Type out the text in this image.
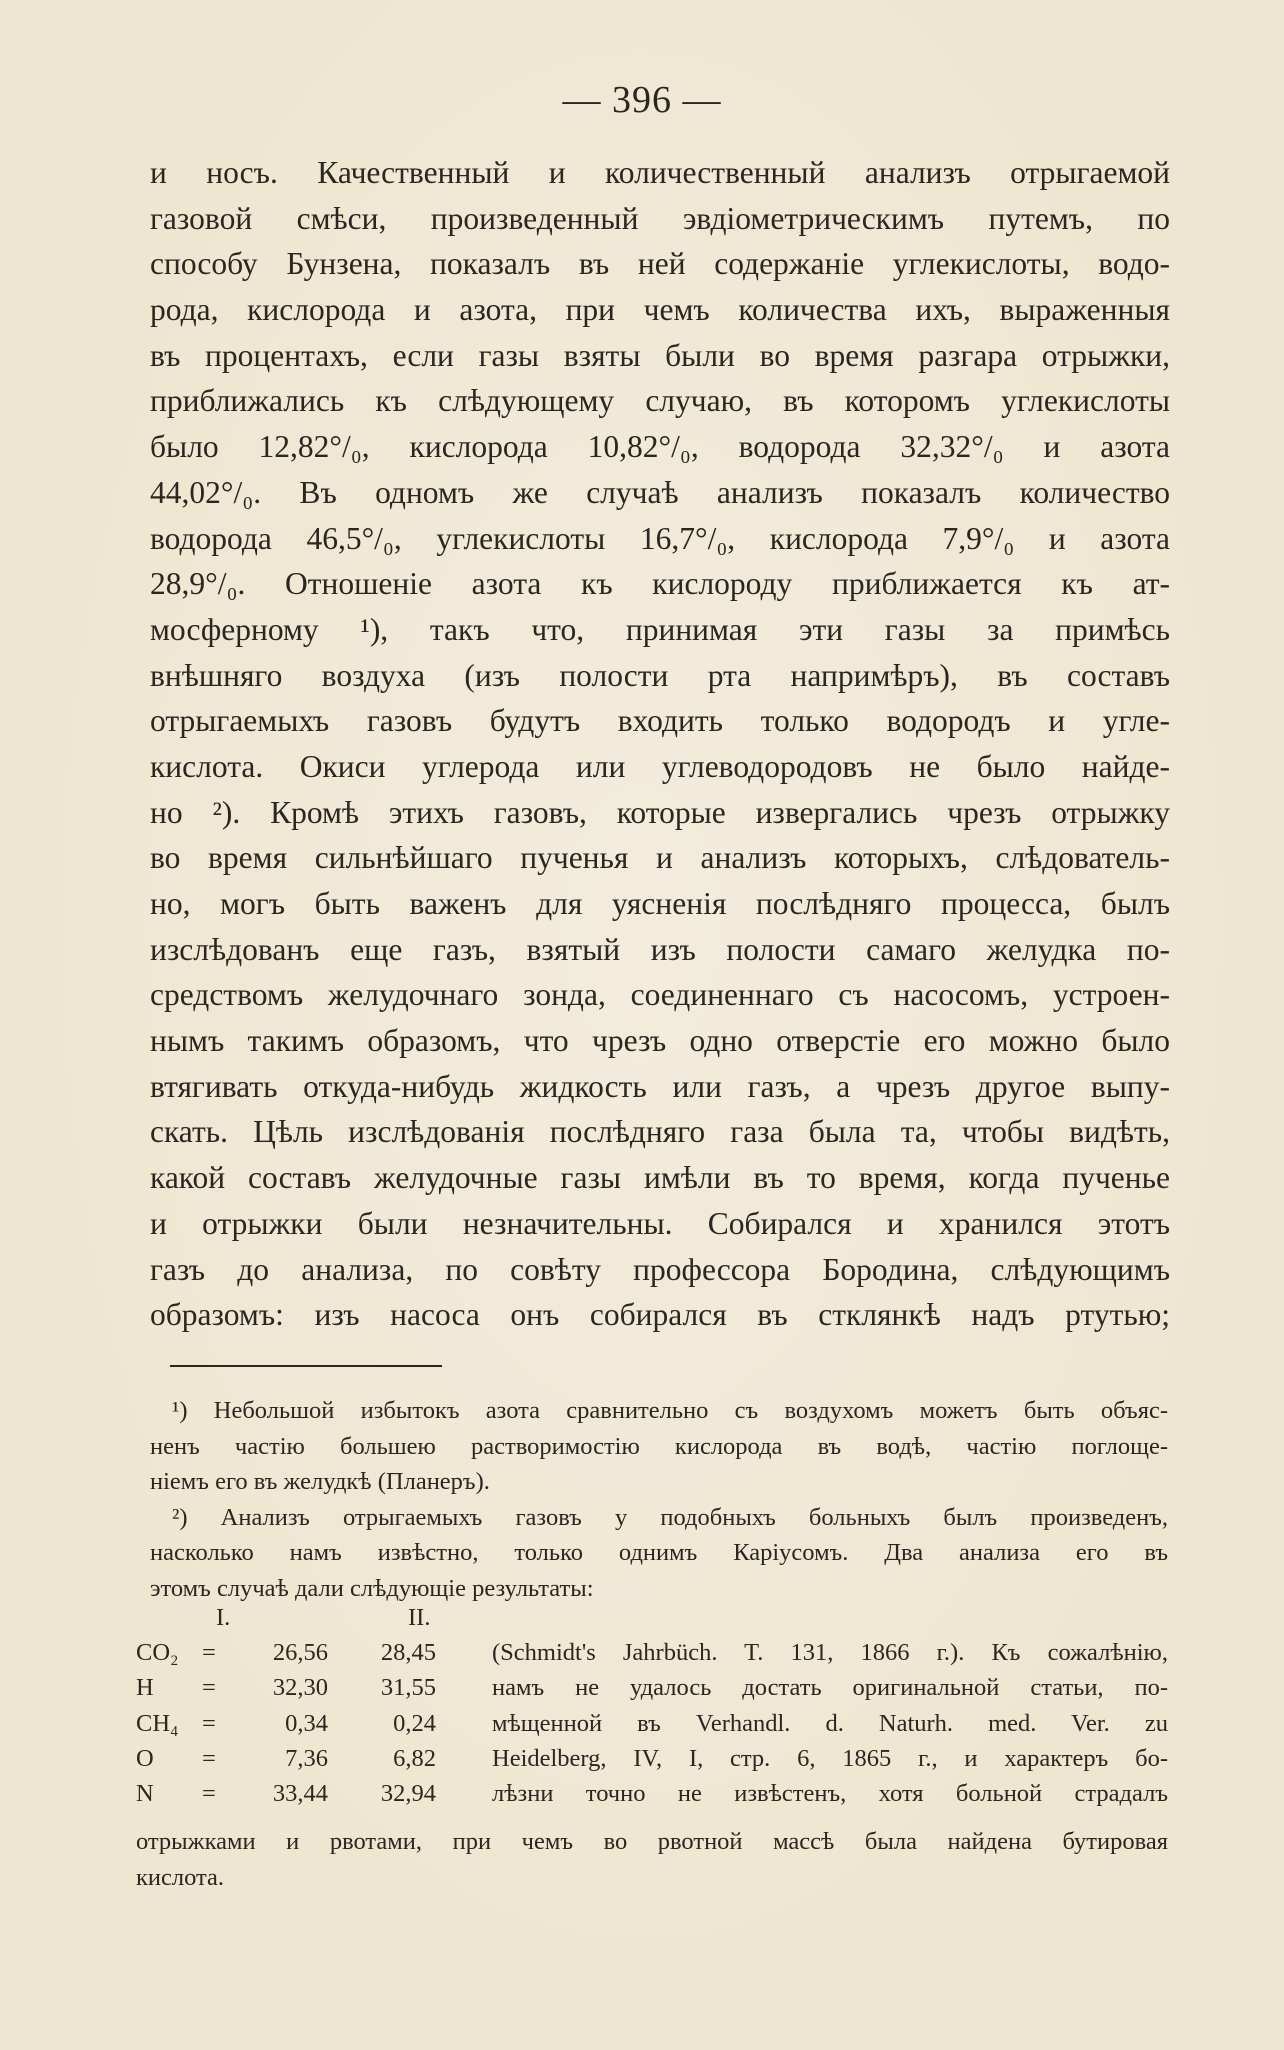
— 396 —
и носъ. Качественный и количественный анализъ отрыгаемой
газовой смѣси, произведенный эвдіометрическимъ путемъ, по
способу Бунзена, показалъ въ ней содержаніе углекислоты, водо-
рода, кислорода и азота, при чемъ количества ихъ, выраженныя
въ процентахъ, если газы взяты были во время разгара отрыжки,
приближались къ слѣдующему случаю, въ которомъ углекислоты
было 12,82°/₀, кислорода 10,82°/₀, водорода 32,32°/₀ и азота
44,02°/₀. Въ одномъ же случаѣ анализъ показалъ количество
водорода 46,5°/₀, углекислоты 16,7°/₀, кислорода 7,9°/₀ и азота
28,9°/₀. Отношеніе азота къ кислороду приближается къ ат-
мосферному ¹), такъ что, принимая эти газы за примѣсь
внѣшняго воздуха (изъ полости рта напримѣръ), въ составъ
отрыгаемыхъ газовъ будутъ входить только водородъ и угле-
кислота. Окиси углерода или углеводородовъ не было найде-
но ²). Кромѣ этихъ газовъ, которые извергались чрезъ отрыжку
во время сильнѣйшаго пученья и анализъ которыхъ, слѣдователь-
но, могъ быть важенъ для уясненія послѣдняго процесса, былъ
изслѣдованъ еще газъ, взятый изъ полости самаго желудка по-
средствомъ желудочнаго зонда, соединеннаго съ насосомъ, устроен-
нымъ такимъ образомъ, что чрезъ одно отверстіе его можно было
втягивать откуда-нибудь жидкость или газъ, а чрезъ другое выпу-
скать. Цѣль изслѣдованія послѣдняго газа была та, чтобы видѣть,
какой составъ желудочные газы имѣли въ то время, когда пученье
и отрыжки были незначительны. Собирался и хранился этотъ
газъ до анализа, по совѣту профессора Бородина, слѣдующимъ
образомъ: изъ насоса онъ собирался въ стклянкѣ надъ ртутью;
¹) Небольшой избытокъ азота сравнительно съ воздухомъ можетъ быть объяс-
ненъ частію большею растворимостію кислорода въ водѣ, частію поглоще-
ніемъ его въ желудкѣ (Планеръ).
²) Анализъ отрыгаемыхъ газовъ у подобныхъ больныхъ былъ произведенъ,
насколько намъ извѣстно, только однимъ Каріусомъ. Два анализа его въ
этомъ случаѣ дали слѣдующіе результаты:
I.	II.
CO₂ =	26,56	28,45 (Schmidt's Jahrbüch. T. 131, 1866 г.). Къ сожалѣнію,
H	=	32,30	31,55 намъ не удалось достать оригинальной статьи, по-
CH₄ =	0,34	0,24 мѣщенной въ Verhandl. d. Naturh. med. Ver. zu
O	=	7,36	6,82 Heidelberg, IV, I, стр. 6, 1865 г., и характеръ бо-
N	=	33,44	32,94 лѣзни точно не извѣстенъ, хотя больной страдалъ
отрыжками и рвотами, при чемъ во рвотной массѣ была найдена бутировая
кислота.
